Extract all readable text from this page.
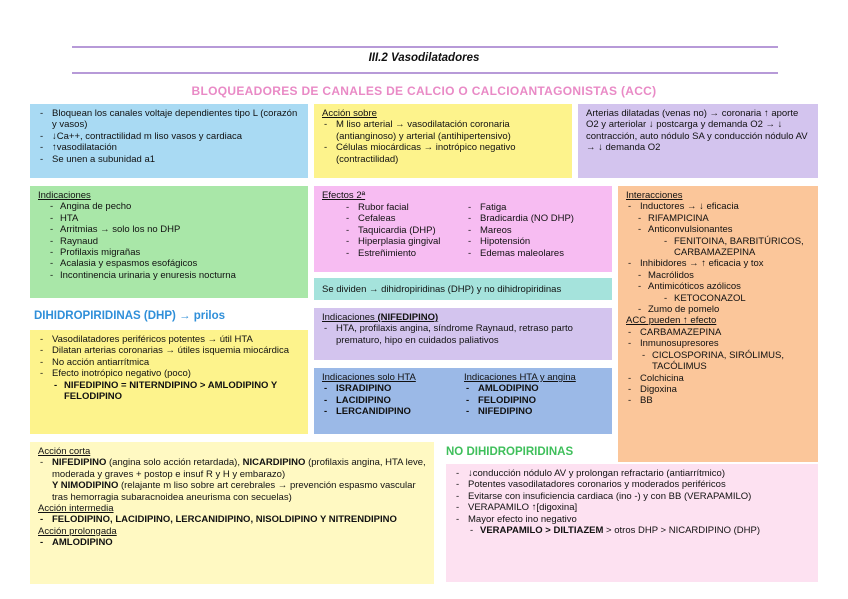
III.2 Vasodilatadores
BLOQUEADORES DE CANALES DE CALCIO O CALCIOANTAGONISTAS (ACC)
- Bloquean los canales voltaje dependientes tipo L (corazón y vasos)
- ↓Ca++, contractilidad m liso vasos y cardiaca
- ↑vasodilatación
- Se unen a subunidad a1
Acción sobre
- M liso arterial → vasodilatación coronaria (antianginoso) y arterial (antihipertensivo)
- Células miocárdicas → inotrópico negativo (contractilidad)
Arterias dilatadas (venas no) → coronaria ↑ aporte O2 y arteriolar ↓ postcarga y demanda O2 → ↓ contracción, auto nódulo SA y conducción nódulo AV → ↓ demanda O2
Indicaciones
- Angina de pecho
- HTA
- Arritmias → solo los no DHP
- Raynaud
- Profilaxis migrañas
- Acalasia y espasmos esofágicos
- Incontinencia urinaria y enuresis nocturna
Efectos 2ª
- Rubor facial
- Cefaleas
- Taquicardia (DHP)
- Hiperplasia gingival
- Estreñimiento
- Fatiga
- Bradicardia (NO DHP)
- Mareos
- Hipotensión
- Edemas maleolares
Se dividen → dihidropiridinas (DHP) y no dihidropiridinas
Interacciones
- Inductores → ↓ eficacia
- RIFAMPICINA
- Anticonvulsionantes
- FENITOINA, BARBITÚRICOS, CARBAMAZEPINA
- Inhibidores → ↑ eficacia y tox
- Macrólidos
- Antimicóticos azólicos
- KETOCONAZOL
- Zumo de pomelo
ACC pueden ↑ efecto
- CARBAMAZEPINA
- Inmunosupresores
- CICLOSPORINA, SIRÓLIMUS, TACÓLIMUS
- Colchicina
- Digoxina
- BB
DIHIDROPIRIDINAS (DHP) → prilos
- Vasodilatadores periféricos potentes → útil HTA
- Dilatan arterias coronarias → útiles isquemia miocárdica
- No acción antiarrítmica
- Efecto inotrópico negativo (poco)
- NIFEDIPINO = NITERNDIPINO > AMLODIPINO Y FELODIPINO
Indicaciones (NIFEDIPINO)
- HTA, profilaxis angina, síndrome Raynaud, retraso parto prematuro, hipo en cuidados paliativos
Indicaciones solo HTA
- ISRADIPINO
- LACIDIPINO
- LERCANIDIPINO
Indicaciones HTA y angina
- AMLODIPINO
- FELODIPINO
- NIFEDIPINO
Acción corta
- NIFEDIPINO (angina solo acción retardada), NICARDIPINO (profilaxis angina, HTA leve, moderada y graves + postop e insuf R y H y embarazo)
Y NIMODIPINO (relajante m liso sobre art cerebrales → prevención espasmo vascular tras hemorragia subaracnoidea aneurisma con secuelas)
Acción intermedia
- FELODIPINO, LACIDIPINO, LERCANIDIPINO, NISOLDIPINO Y NITRENDIPINO
Acción prolongada
- AMLODIPINO
NO DIHIDROPIRIDINAS
- ↓conducción nódulo AV y prolongan refractario (antiarrítmico)
- Potentes vasodilatadores coronarios y moderados periféricos
- Evitarse con insuficiencia cardiaca (ino -) y con BB (VERAPAMILO)
- VERAPAMILO ↑[digoxina]
- Mayor efecto ino negativo
- VERAPAMILO > DILTIAZEM > otros DHP > NICARDIPINO (DHP)
